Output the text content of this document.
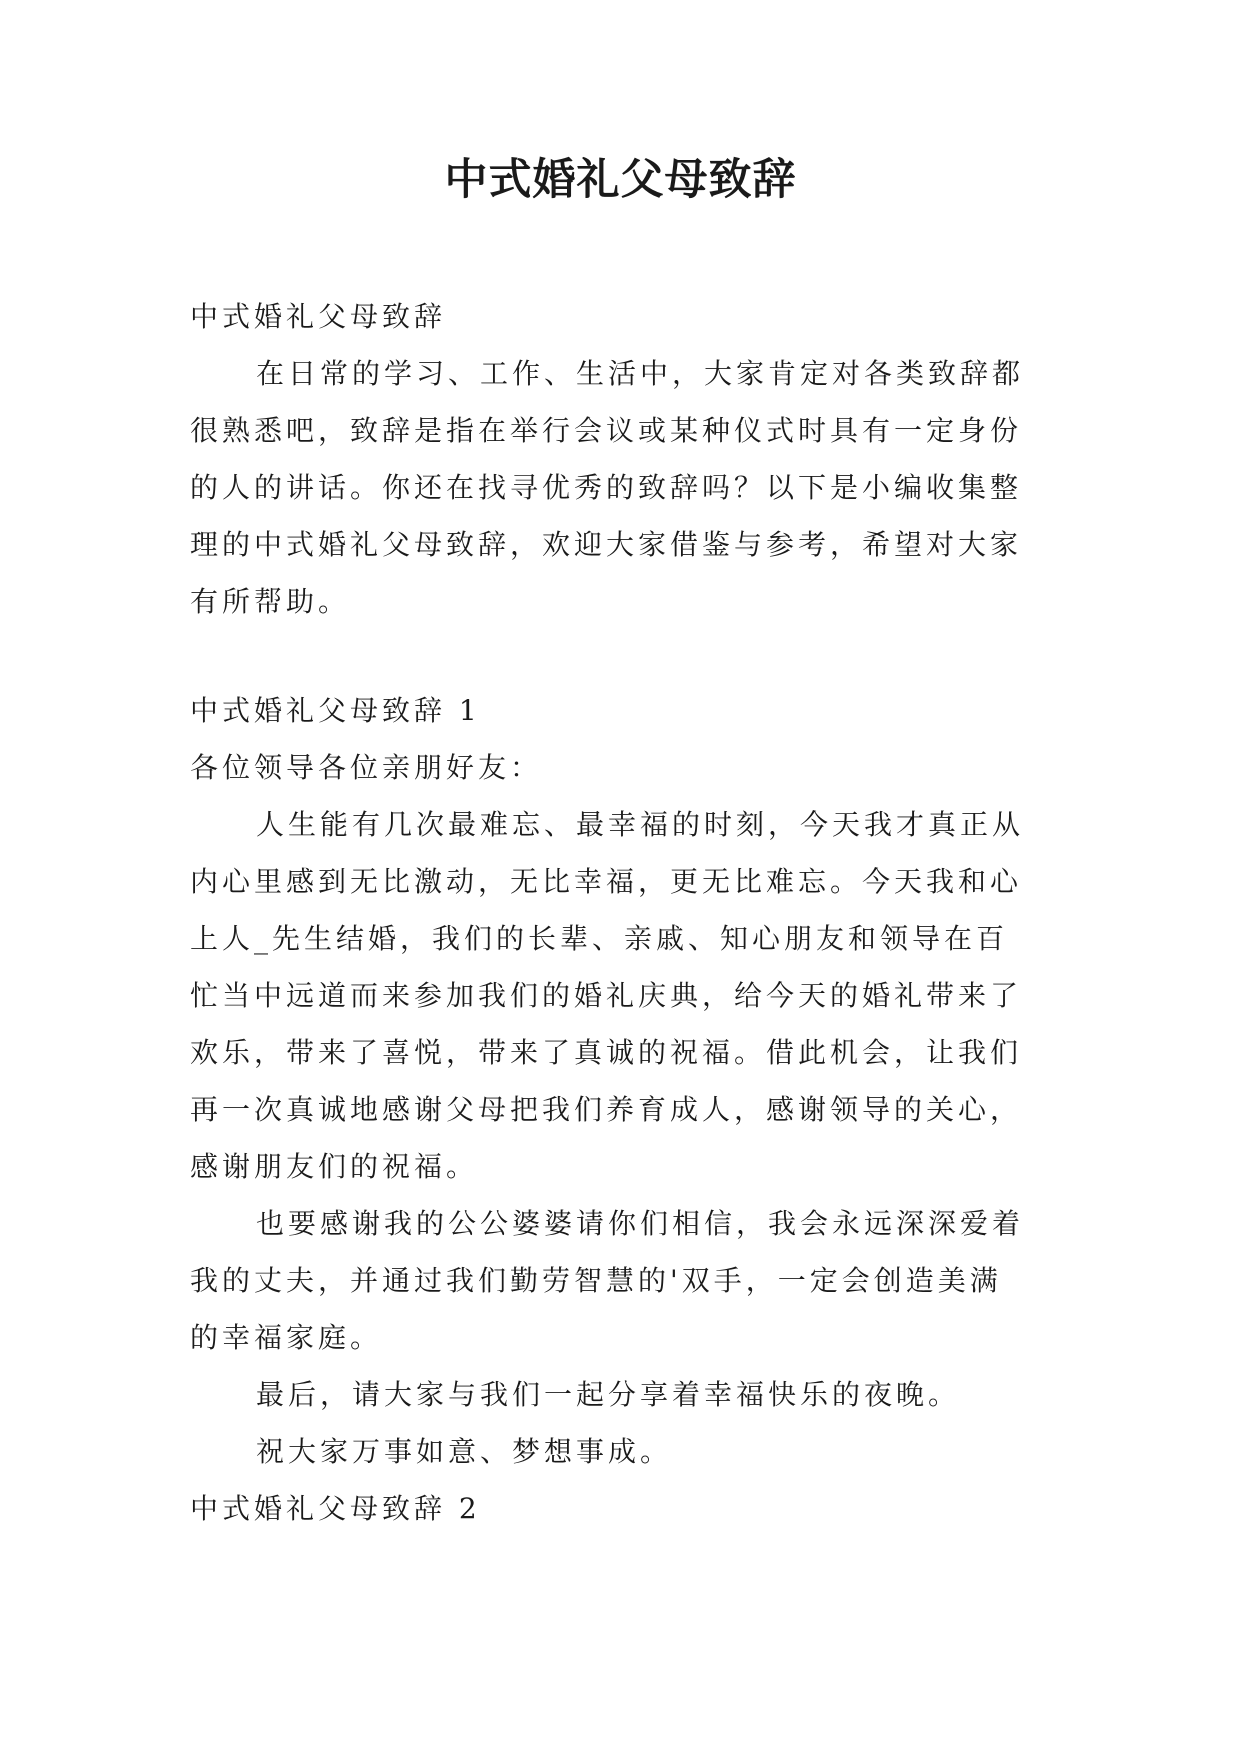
中式婚礼父母致辞

中式婚礼父母致辞

在日常的学习、工作、生活中，大家肯定对各类致辞都

很熟悉吧，致辞是指在举行会议或某种仪式时具有一定身份

的人的讲话。你还在找寻优秀的致辞吗？以下是小编收集整

理的中式婚礼父母致辞，欢迎大家借鉴与参考，希望对大家

有所帮助。

中式婚礼父母致辞 1

各位领导各位亲朋好友：

人生能有几次最难忘、最幸福的时刻，今天我才真正从

内心里感到无比激动，无比幸福，更无比难忘。今天我和心

上人_先生结婚，我们的长辈、亲戚、知心朋友和领导在百

忙当中远道而来参加我们的婚礼庆典，给今天的婚礼带来了

欢乐，带来了喜悦，带来了真诚的祝福。借此机会，让我们

再一次真诚地感谢父母把我们养育成人，感谢领导的关心，

感谢朋友们的祝福。

也要感谢我的公公婆婆请你们相信，我会永远深深爱着

我的丈夫，并通过我们勤劳智慧的'双手，一定会创造美满

的幸福家庭。

最后，请大家与我们一起分享着幸福快乐的夜晚。

祝大家万事如意、梦想事成。

中式婚礼父母致辞 2
